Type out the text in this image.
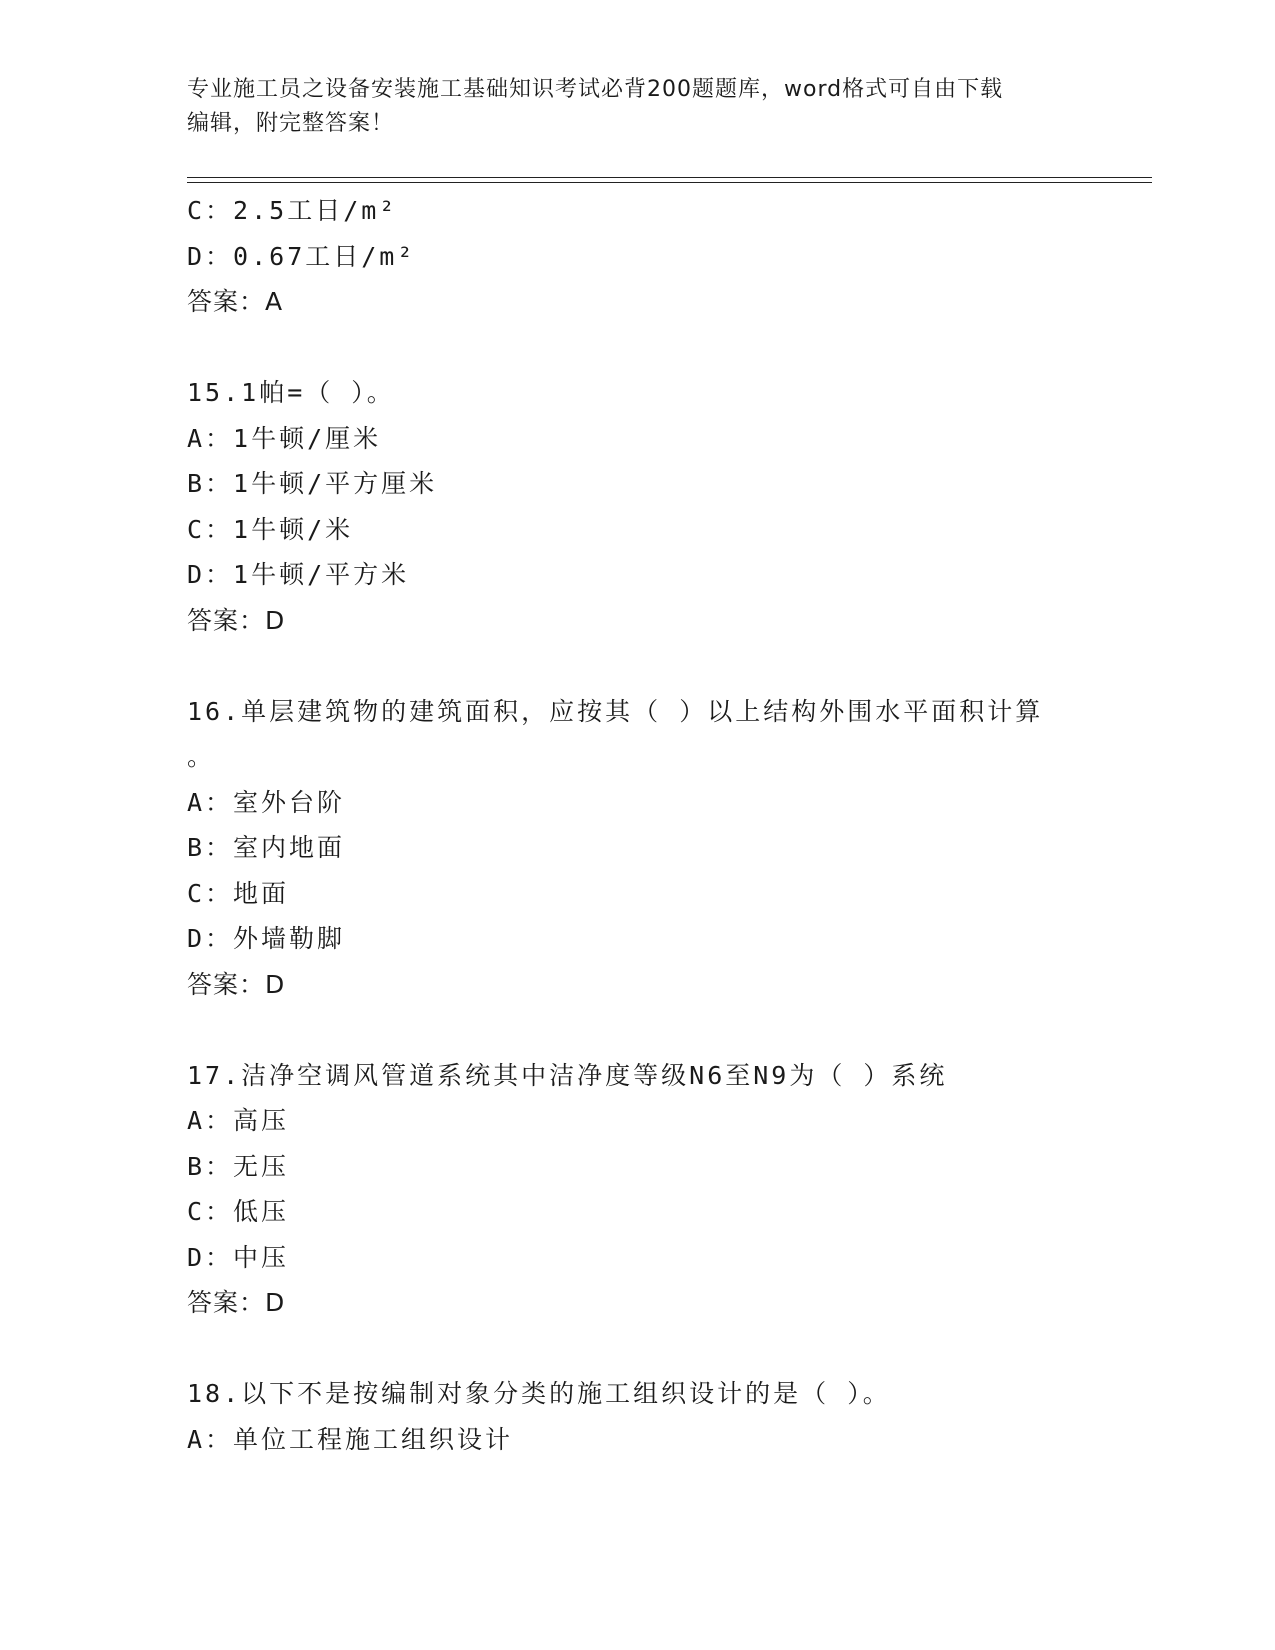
专业施工员之设备安装施工基础知识考试必背200题题库，word格式可自由下载
编辑，附完整答案！
C：2.5工日/m²
D：0.67工日/m²
答案：A
15.1帕=（ ）。
A：1牛顿/厘米
B：1牛顿/平方厘米
C：1牛顿/米
D：1牛顿/平方米
答案：D
16.单层建筑物的建筑面积，应按其（ ）以上结构外围水平面积计算
。
A：室外台阶
B：室内地面
C：地面
D：外墙勒脚
答案：D
17.洁净空调风管道系统其中洁净度等级N6至N9为（ ）系统
A：高压
B：无压
C：低压
D：中压
答案：D
18.以下不是按编制对象分类的施工组织设计的是（ ）。
A：单位工程施工组织设计
